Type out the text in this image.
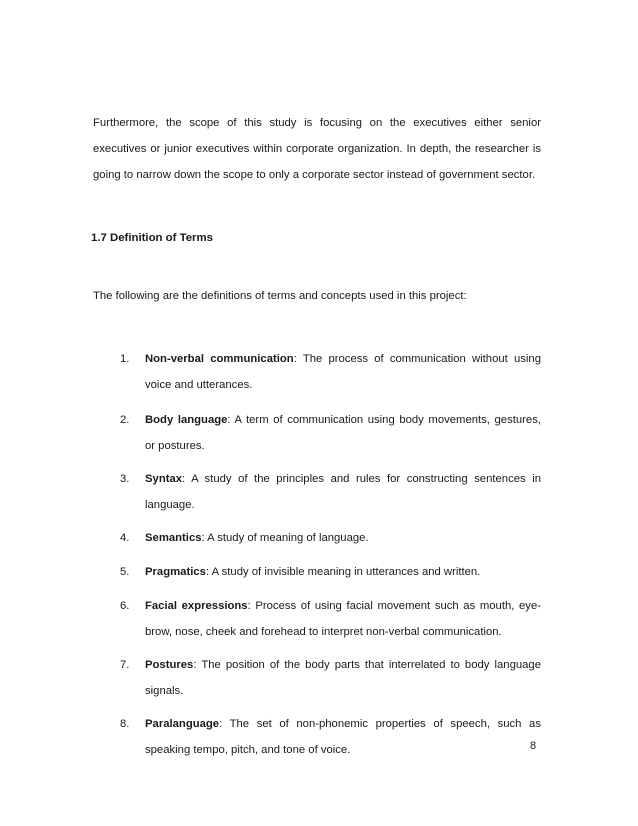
Furthermore, the scope of this study is focusing on the executives either senior executives or junior executives within corporate organization. In depth, the researcher is going to narrow down the scope to only a corporate sector instead of government sector.

1.7 Definition of Terms

The following are the definitions of terms and concepts used in this project:

1. Non-verbal communication: The process of communication without using voice and utterances.
2. Body language: A term of communication using body movements, gestures, or postures.
3. Syntax: A study of the principles and rules for constructing sentences in language.
4. Semantics: A study of meaning of language.
5. Pragmatics: A study of invisible meaning in utterances and written.
6. Facial expressions: Process of using facial movement such as mouth, eye-brow, nose, cheek and forehead to interpret non-verbal communication.
7. Postures: The position of the body parts that interrelated to body language signals.
8. Paralanguage: The set of non-phonemic properties of speech, such as speaking tempo, pitch, and tone of voice.	8
